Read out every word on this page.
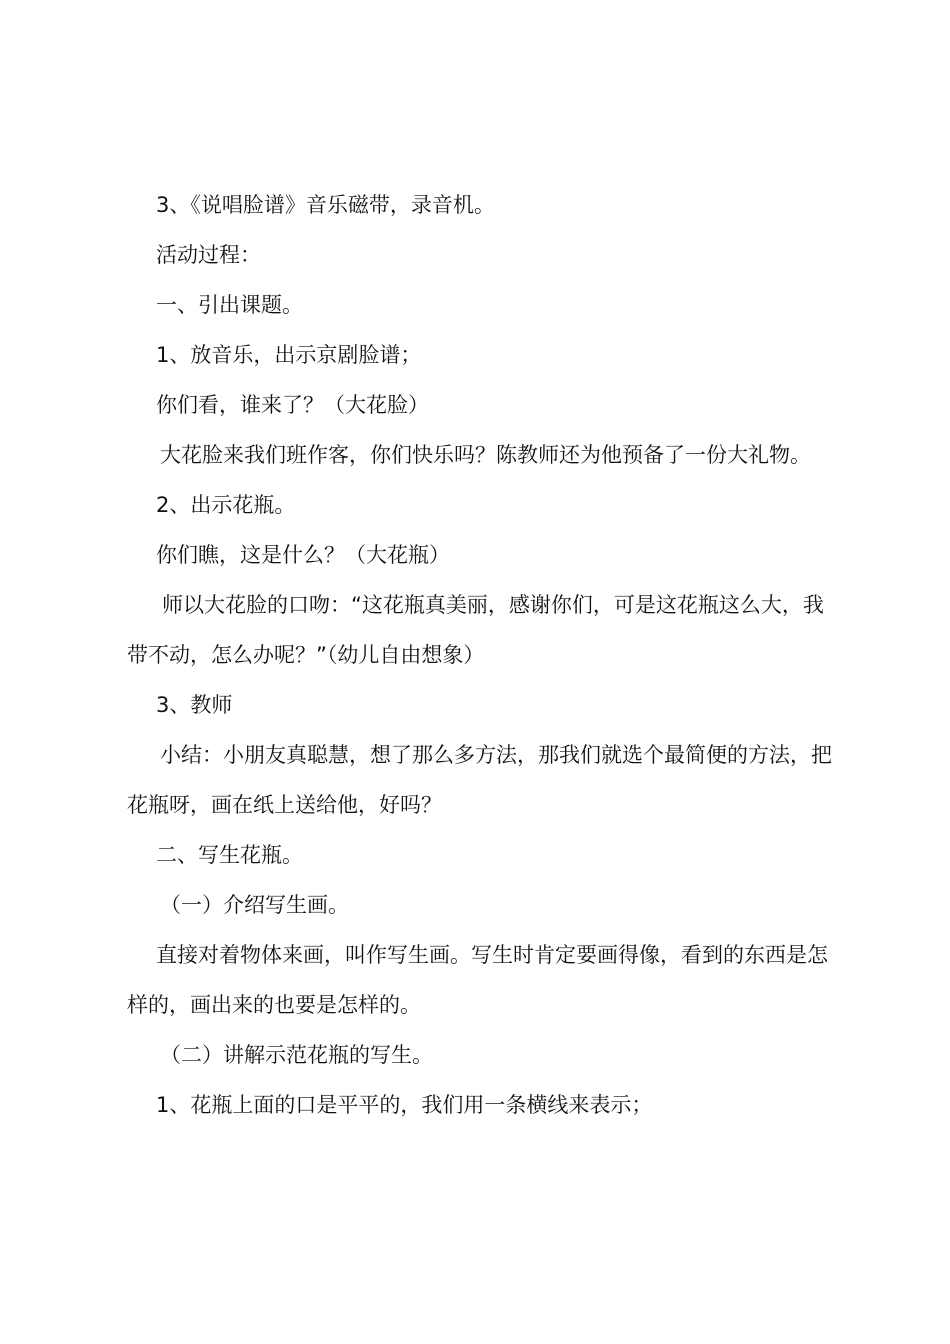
3、《说唱脸谱》音乐磁带，录音机。

活动过程：

一、引出课题。

1、放音乐，出示京剧脸谱；

你们看，谁来了？（大花脸）

大花脸来我们班作客，你们快乐吗？陈教师还为他预备了一份大礼物。

2、出示花瓶。

你们瞧，这是什么？（大花瓶）

师以大花脸的口吻：“这花瓶真美丽，感谢你们，可是这花瓶这么大，我带不动，怎么办呢？”（幼儿自由想象）

3、教师

小结：小朋友真聪慧，想了那么多方法，那我们就选个最简便的方法，把花瓶呀，画在纸上送给他，好吗？

二、写生花瓶。

（一）介绍写生画。

直接对着物体来画，叫作写生画。写生时肯定要画得像，看到的东西是怎样的，画出来的也要是怎样的。

（二）讲解示范花瓶的写生。

1、花瓶上面的口是平平的，我们用一条横线来表示；
